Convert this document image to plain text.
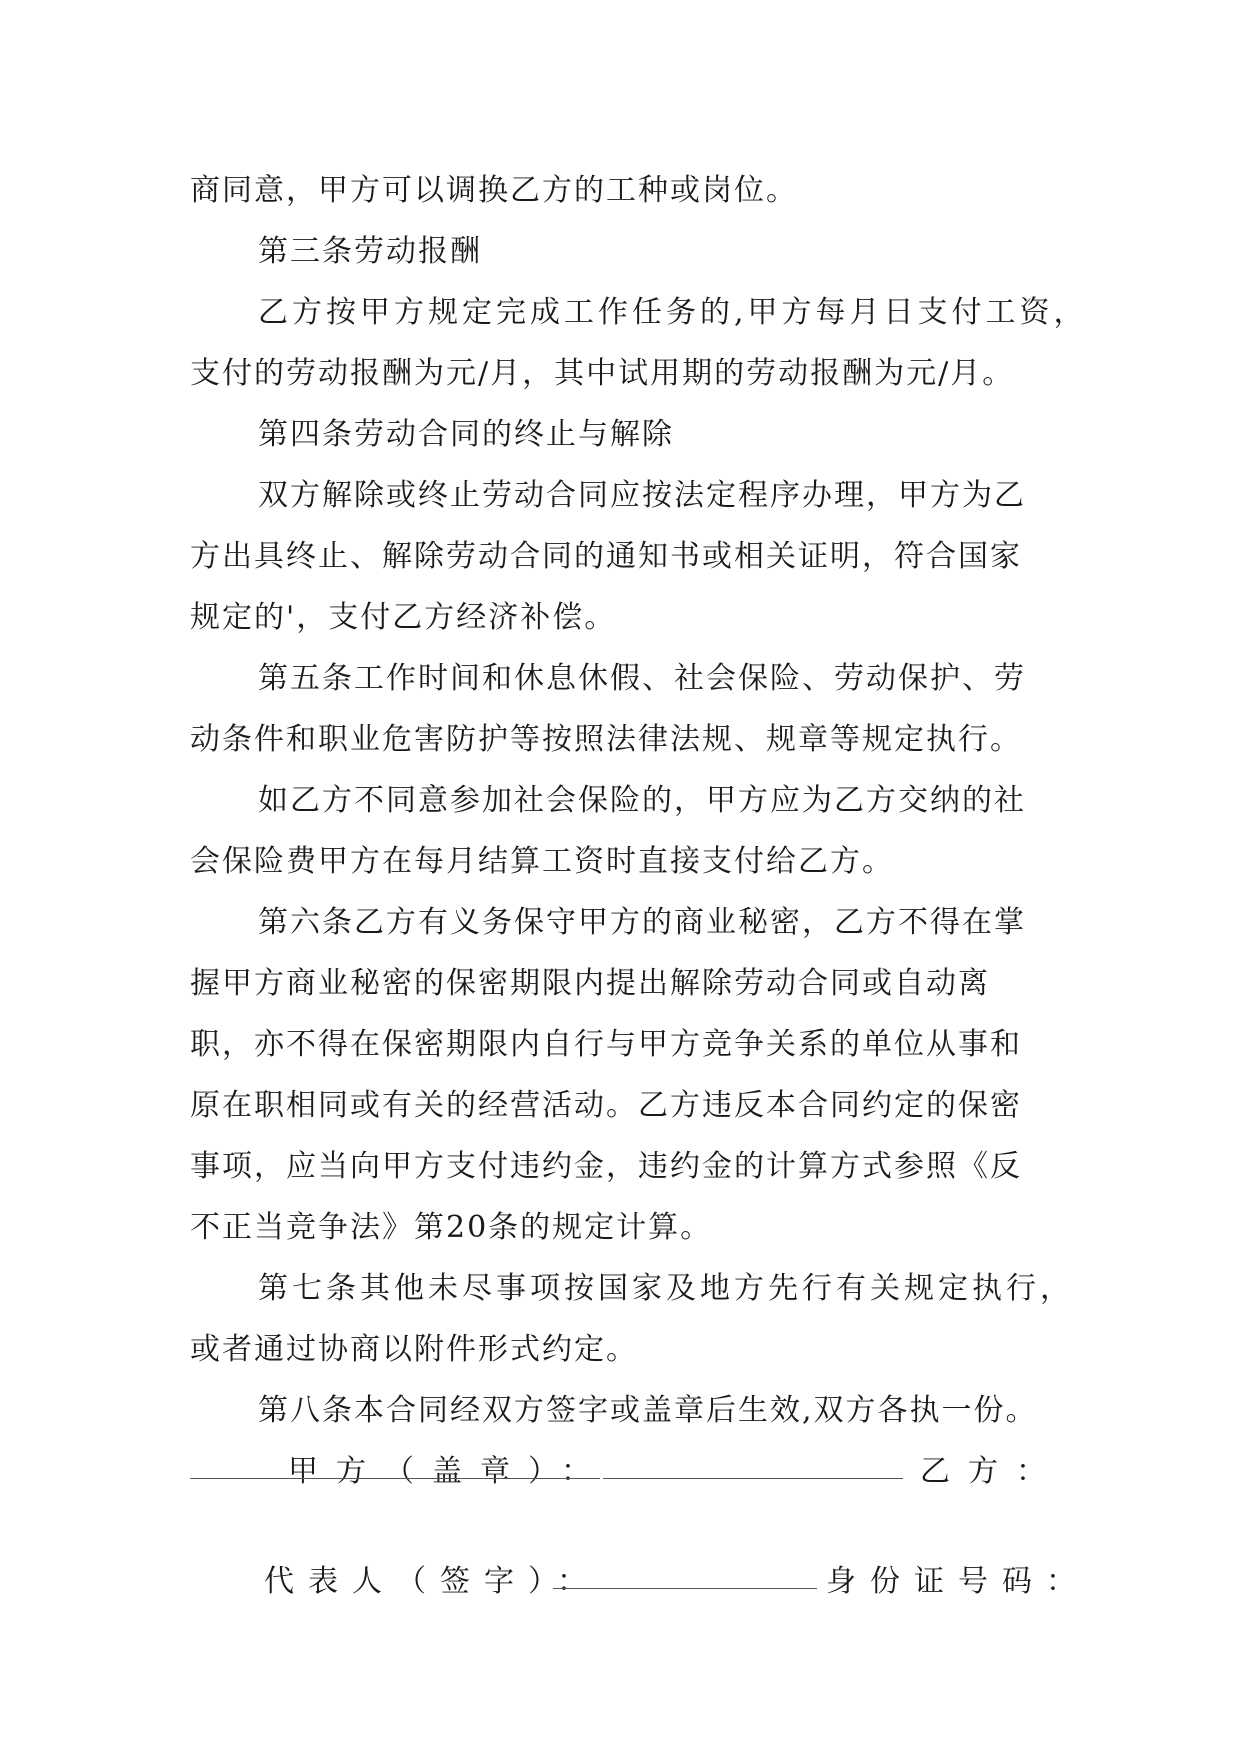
商同意，甲方可以调换乙方的工种或岗位。
第三条劳动报酬
乙方按甲方规定完成工作任务的,甲方每月日支付工资，
支付的劳动报酬为元/月，其中试用期的劳动报酬为元/月。
第四条劳动合同的终止与解除
双方解除或终止劳动合同应按法定程序办理，甲方为乙
方出具终止、解除劳动合同的通知书或相关证明，符合国家
规定的'，支付乙方经济补偿。
第五条工作时间和休息休假、社会保险、劳动保护、劳
动条件和职业危害防护等按照法律法规、规章等规定执行。
如乙方不同意参加社会保险的，甲方应为乙方交纳的社
会保险费甲方在每月结算工资时直接支付给乙方。
第六条乙方有义务保守甲方的商业秘密，乙方不得在掌
握甲方商业秘密的保密期限内提出解除劳动合同或自动离
职，亦不得在保密期限内自行与甲方竞争关系的单位从事和
原在职相同或有关的经营活动。乙方违反本合同约定的保密
事项，应当向甲方支付违约金，违约金的计算方式参照《反
不正当竞争法》第20条的规定计算。
第七条其他未尽事项按国家及地方先行有关规定执行，
或者通过协商以附件形式约定。
第八条本合同经双方签字或盖章后生效,双方各执一份。
甲方（盖章）：	乙方：
代表人（签字）：	身份证号码：
